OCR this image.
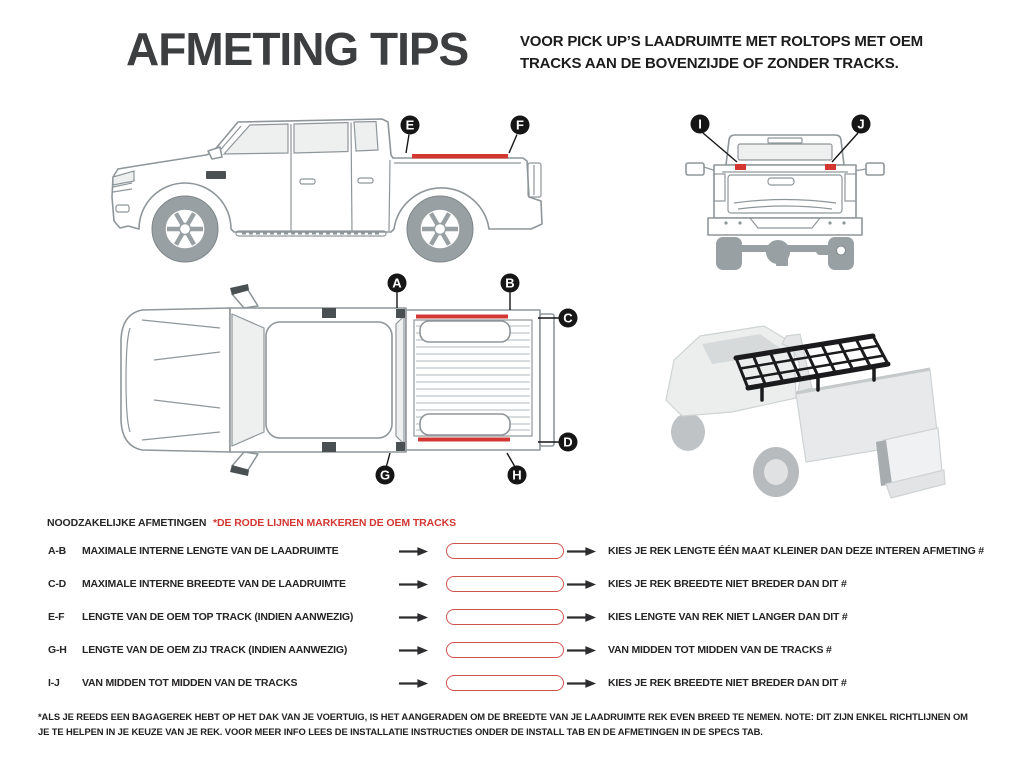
AFMETING TIPS	VOOR PICK UP’S LAADRUIMTE MET ROLTOPS MET OEM
TRACKS AAN DE BOVENZIJDE OF ZONDER TRACKS.
E	F	I	J
A	B
C
D
G	H
NOODZAKELIJKE AFMETINGEN *DE RODE LIJNEN MARKEREN DE OEM TRACKS
A-B MAXIMALE INTERNE LENGTE VAN DE LAADRUIMTE	KIES JE REK LENGTE ÉÉN MAAT KLEINER DAN DEZE INTEREN AFMETING #
C-D MAXIMALE INTERNE BREEDTE VAN DE LAADRUIMTE	KIES JE REK BREEDTE NIET BREDER DAN DIT #
E-F LENGTE VAN DE OEM TOP TRACK (INDIEN AANWEZIG)	KIES LENGTE VAN REK NIET LANGER DAN DIT #
G-H LENGTE VAN DE OEM ZIJ TRACK (INDIEN AANWEZIG)	VAN MIDDEN TOT MIDDEN VAN DE TRACKS #
I-J VAN MIDDEN TOT MIDDEN VAN DE TRACKS	KIES JE REK BREEDTE NIET BREDER DAN DIT #
*ALS JE REEDS EEN BAGAGEREK HEBT OP HET DAK VAN JE VOERTUIG, IS HET AANGERADEN OM DE BREEDTE VAN JE LAADRUIMTE REK EVEN BREED TE NEMEN. NOTE: DIT ZIJN ENKEL RICHTLIJNEN OM
JE TE HELPEN IN JE KEUZE VAN JE REK. VOOR MEER INFO LEES DE INSTALLATIE INSTRUCTIES ONDER DE INSTALL TAB EN DE AFMETINGEN IN DE SPECS TAB.
